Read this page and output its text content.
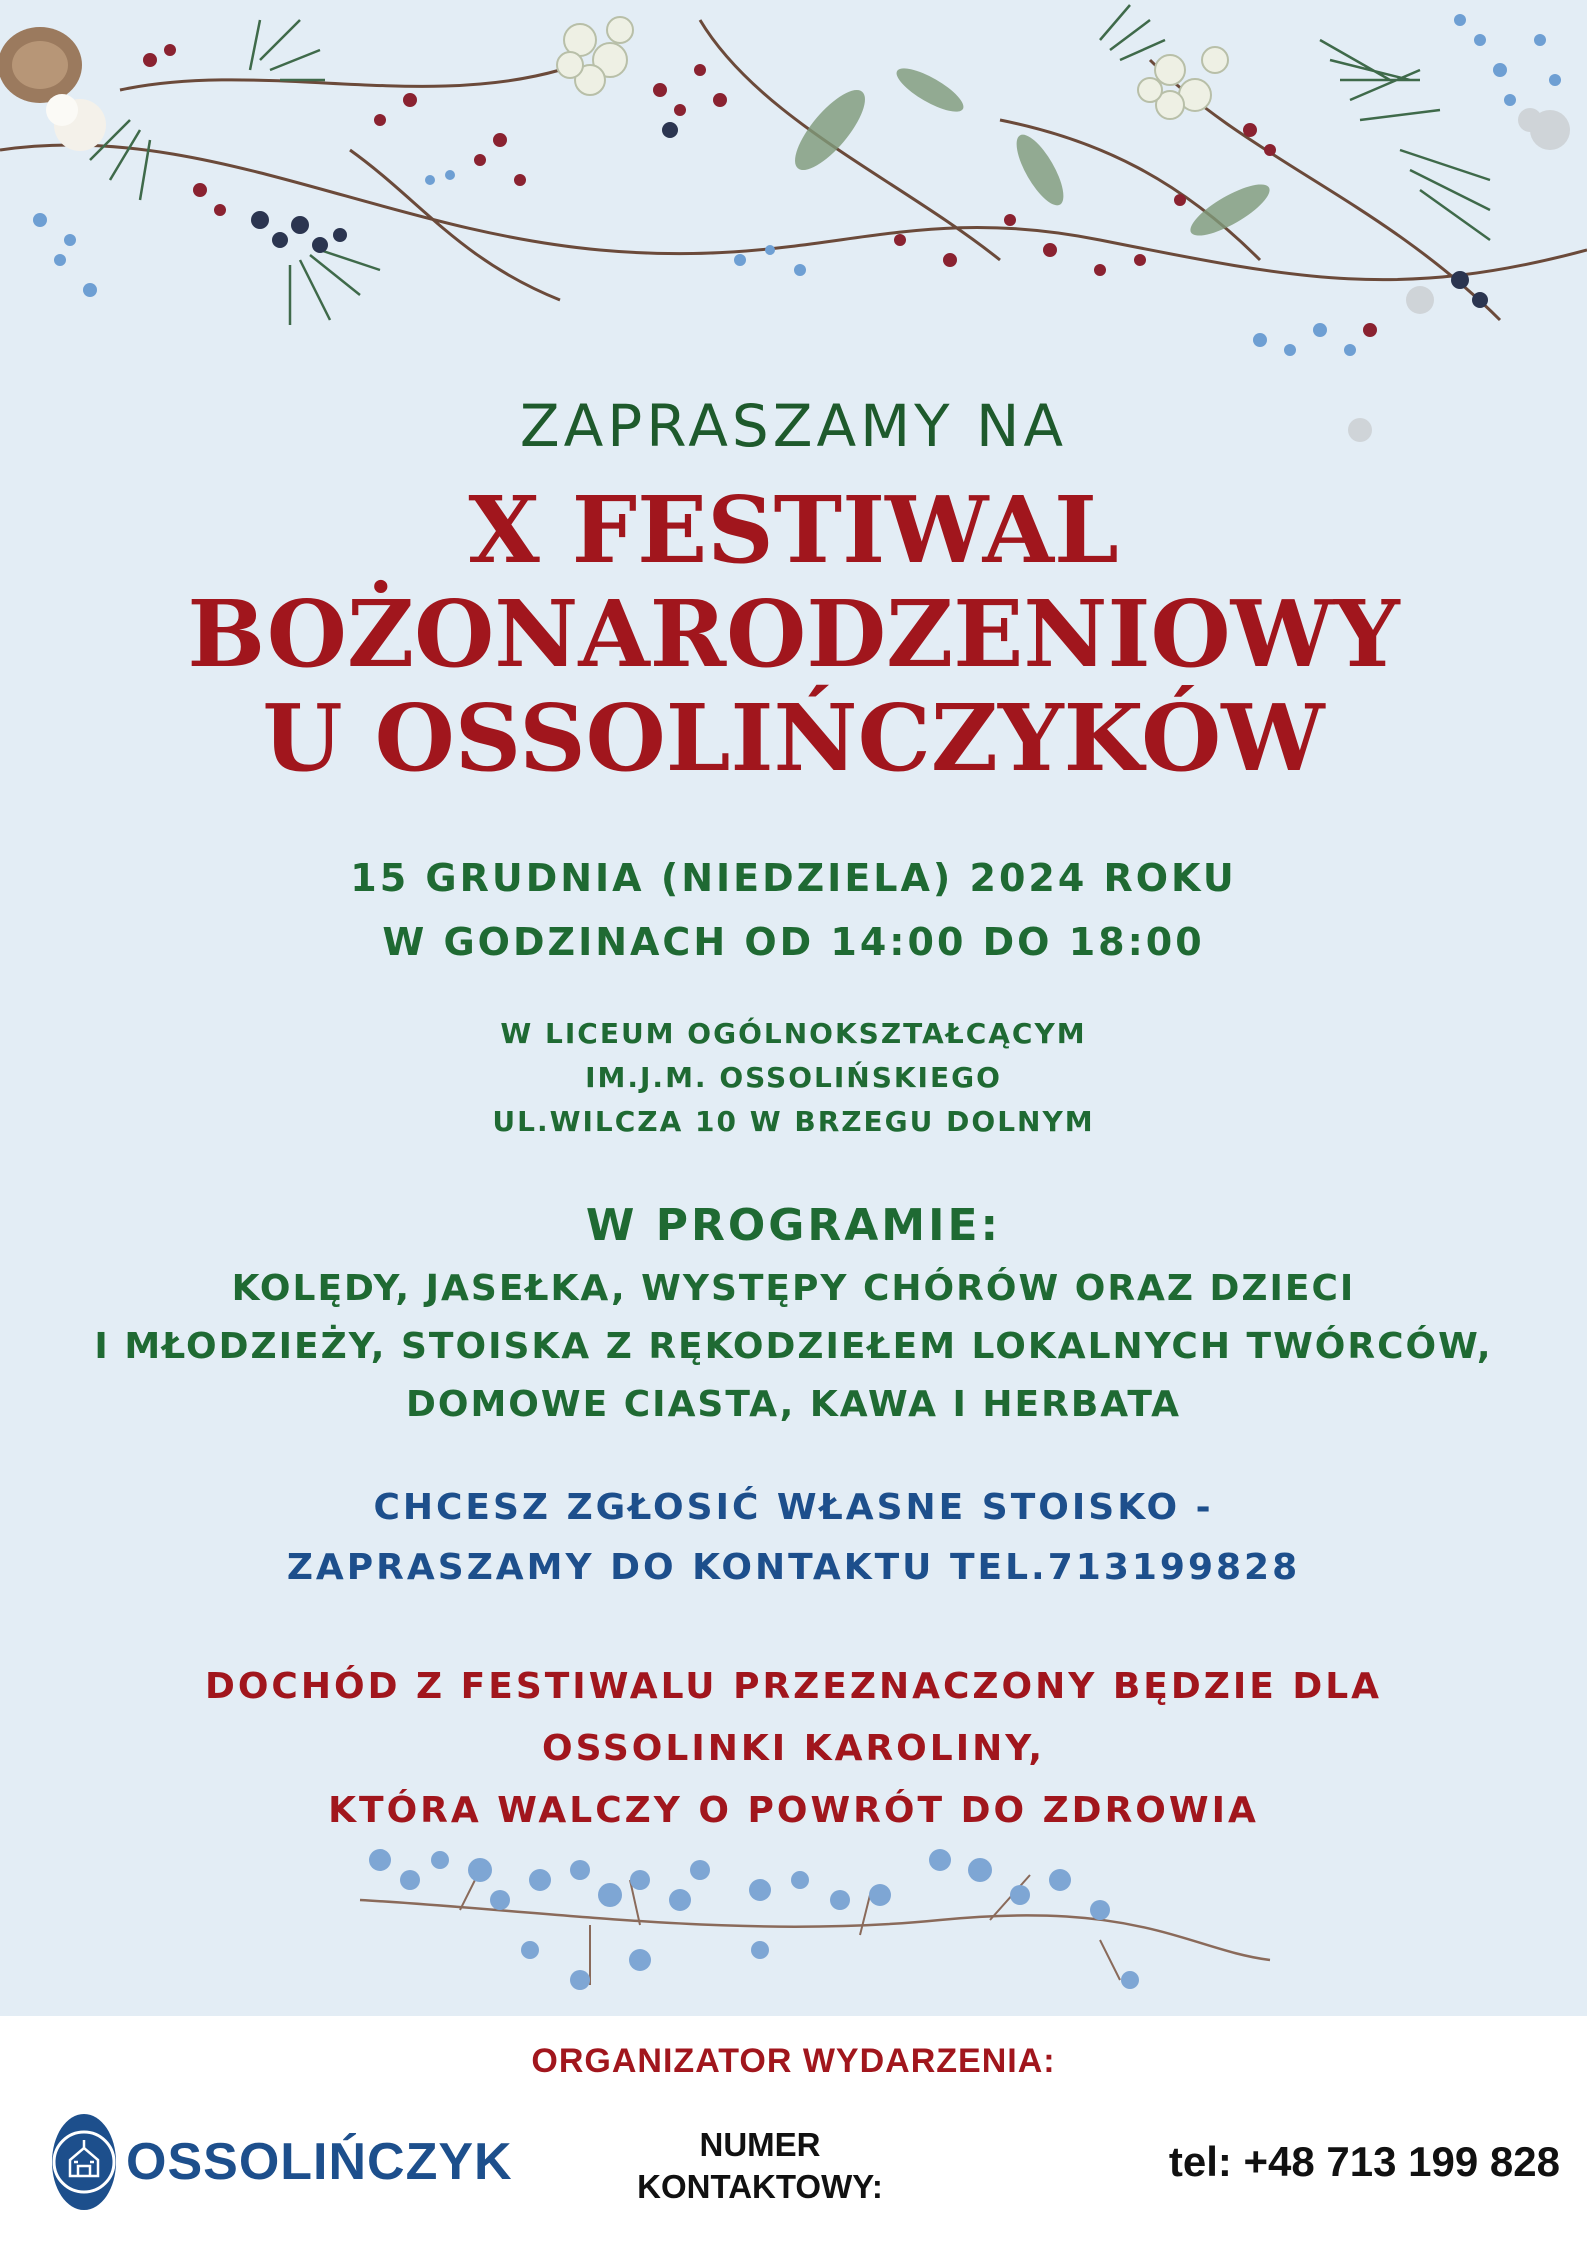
ZAPRASZAMY NA
X FESTIWAL
BOŻONARODZENIOWY
U OSSOLIŃCZYKÓW
15 GRUDNIA (NIEDZIELA) 2024 ROKU
W GODZINACH OD 14:00 DO 18:00
W LICEUM OGÓLNOKSZTAŁCĄCYM
IM.J.M. OSSOLIŃSKIEGO
UL.WILCZA 10 W BRZEGU DOLNYM
W PROGRAMIE:
KOLĘDY, JASEŁKA, WYSTĘPY CHÓRÓW ORAZ DZIECI
I MŁODZIEŻY, STOISKA Z RĘKODZIEŁEM LOKALNYCH TWÓRCÓW,
DOMOWE CIASTA, KAWA I HERBATA
CHCESZ ZGŁOSIĆ WŁASNE STOISKO -
ZAPRASZAMY DO KONTAKTU TEL.713199828
DOCHÓD Z FESTIWALU PRZEZNACZONY BĘDZIE DLA
OSSOLINKI KAROLINY,
KTÓRA WALCZY O POWRÓT DO ZDROWIA
ORGANIZATOR WYDARZENIA:
OSSOLIŃCZYK	NUMER
KONTAKTOWY:
tel: +48 713 199 828
